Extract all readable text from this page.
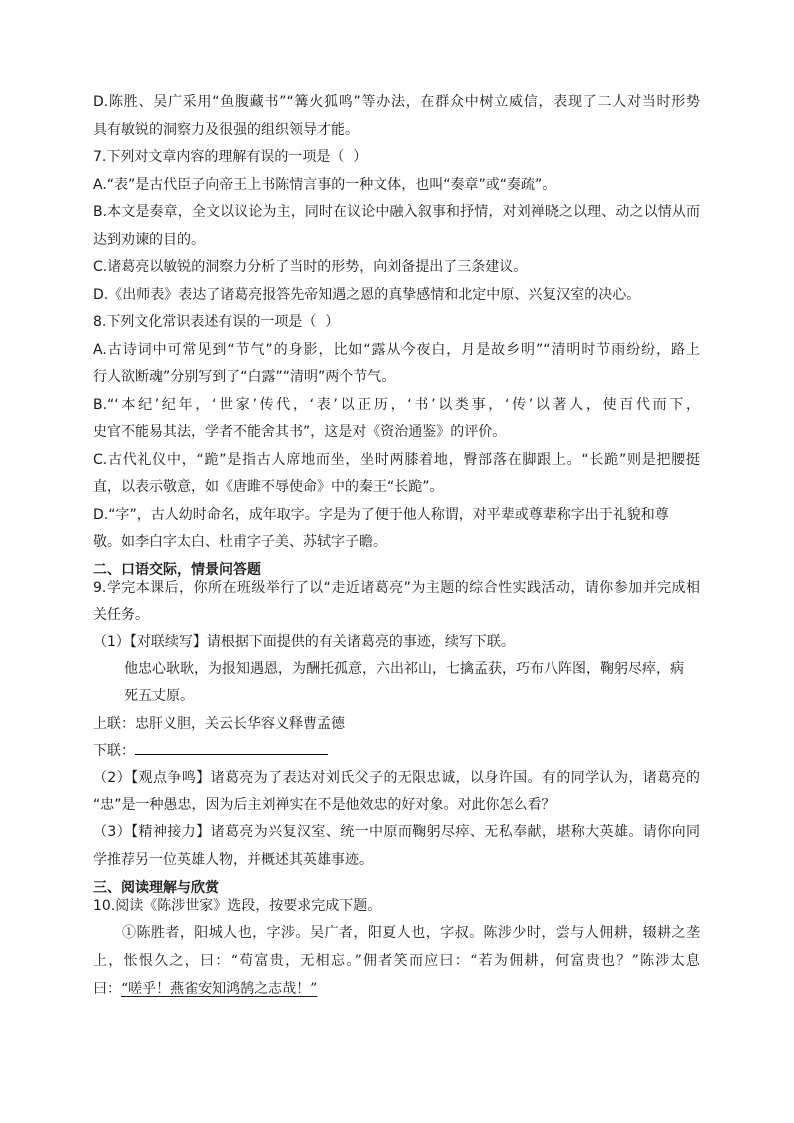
D.陈胜、吴广采用“鱼腹藏书”“篝火狐鸣”等办法，在群众中树立威信，表现了二人对当时形势
具有敏锐的洞察力及很强的组织领导才能。
7.下列对文章内容的理解有误的一项是（  ）
A.“表”是古代臣子向帝王上书陈情言事的一种文体，也叫“奏章”或“奏疏”。
B.本文是奏章，全文以议论为主，同时在议论中融入叙事和抒情，对刘禅晓之以理、动之以情从而
达到劝谏的目的。
C.诸葛亮以敏锐的洞察力分析了当时的形势，向刘备提出了三条建议。
D.《出师表》表达了诸葛亮报答先帝知遇之恩的真挚感情和北定中原、兴复汉室的决心。
8.下列文化常识表述有误的一项是（  ）
A.古诗词中可常见到“节气”的身影，比如“露从今夜白，月是故乡明”“清明时节雨纷纷，路上
行人欲断魂”分别写到了“白露”“清明”两个节气。
B.“‘本纪’纪年，‘世家’传代，‘表’以正历，‘书’以类事，‘传’以著人，使百代而下，
史官不能易其法，学者不能舍其书”，这是对《资治通鉴》的评价。
C.古代礼仪中，“跪”是指古人席地而坐，坐时两膝着地，臀部落在脚跟上。“长跪”则是把腰挺
直，以表示敬意，如《唐雎不辱使命》中的秦王“长跪”。
D.“字”，古人幼时命名，成年取字。字是为了便于他人称谓，对平辈或尊辈称字出于礼貌和尊
敬。如李白字太白、杜甫字子美、苏轼字子瞻。
二、口语交际，情景问答题
9.学完本课后，你所在班级举行了以“走近诸葛亮”为主题的综合性实践活动，请你参加并完成相
关任务。
（1）【对联续写】请根据下面提供的有关诸葛亮的事迹，续写下联。
他忠心耿耿，为报知遇恩，为酬托孤意，六出祁山，七擒孟获，巧布八阵图，鞠躬尽瘁，病
死五丈原。
上联：忠肝义胆，关云长华容义释曹孟德
下联：
（2）【观点争鸣】诸葛亮为了表达对刘氏父子的无限忠诚，以身许国。有的同学认为，诸葛亮的
“忠”是一种愚忠，因为后主刘禅实在不是他效忠的好对象。对此你怎么看？
（3）【精神接力】诸葛亮为兴复汉室、统一中原而鞠躬尽瘁、无私奉献，堪称大英雄。请你向同
学推荐另一位英雄人物，并概述其英雄事迹。
三、阅读理解与欣赏
10.阅读《陈涉世家》选段，按要求完成下题。
①陈胜者，阳城人也，字涉。吴广者，阳夏人也，字叔。陈涉少时，尝与人佣耕，辍耕之垄
上，怅恨久之，曰：“苟富贵，无相忘。”佣者笑而应曰：“若为佣耕，何富贵也？”陈涉太息
曰：“嗟乎！燕雀安知鸿鹄之志哉！”
